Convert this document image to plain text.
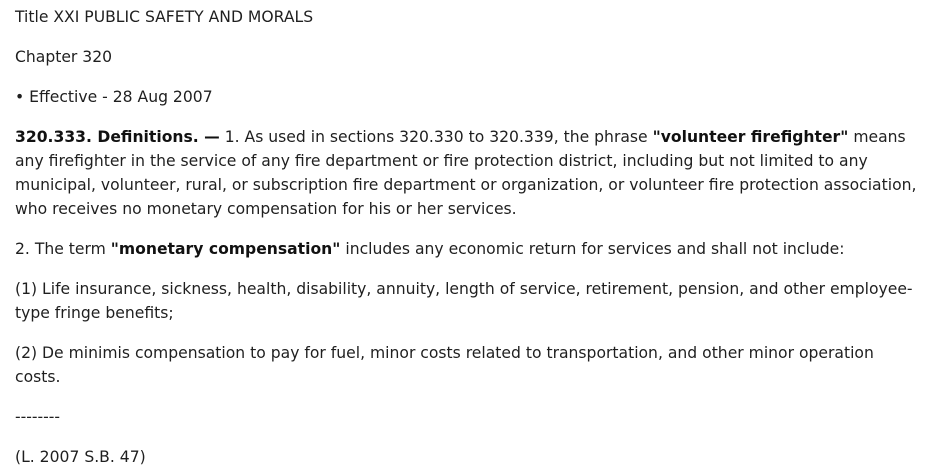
Title XXI PUBLIC SAFETY AND MORALS

Chapter 320

• Effective - 28 Aug 2007

320.333. Definitions. — 1. As used in sections 320.330 to 320.339, the phrase "volunteer firefighter" means any firefighter in the service of any fire department or fire protection district, including but not limited to any municipal, volunteer, rural, or subscription fire department or organization, or volunteer fire protection association, who receives no monetary compensation for his or her services.

2. The term "monetary compensation" includes any economic return for services and shall not include:

(1) Life insurance, sickness, health, disability, annuity, length of service, retirement, pension, and other employee-type fringe benefits;

(2) De minimis compensation to pay for fuel, minor costs related to transportation, and other minor operation costs.

--------

(L. 2007 S.B. 47)
